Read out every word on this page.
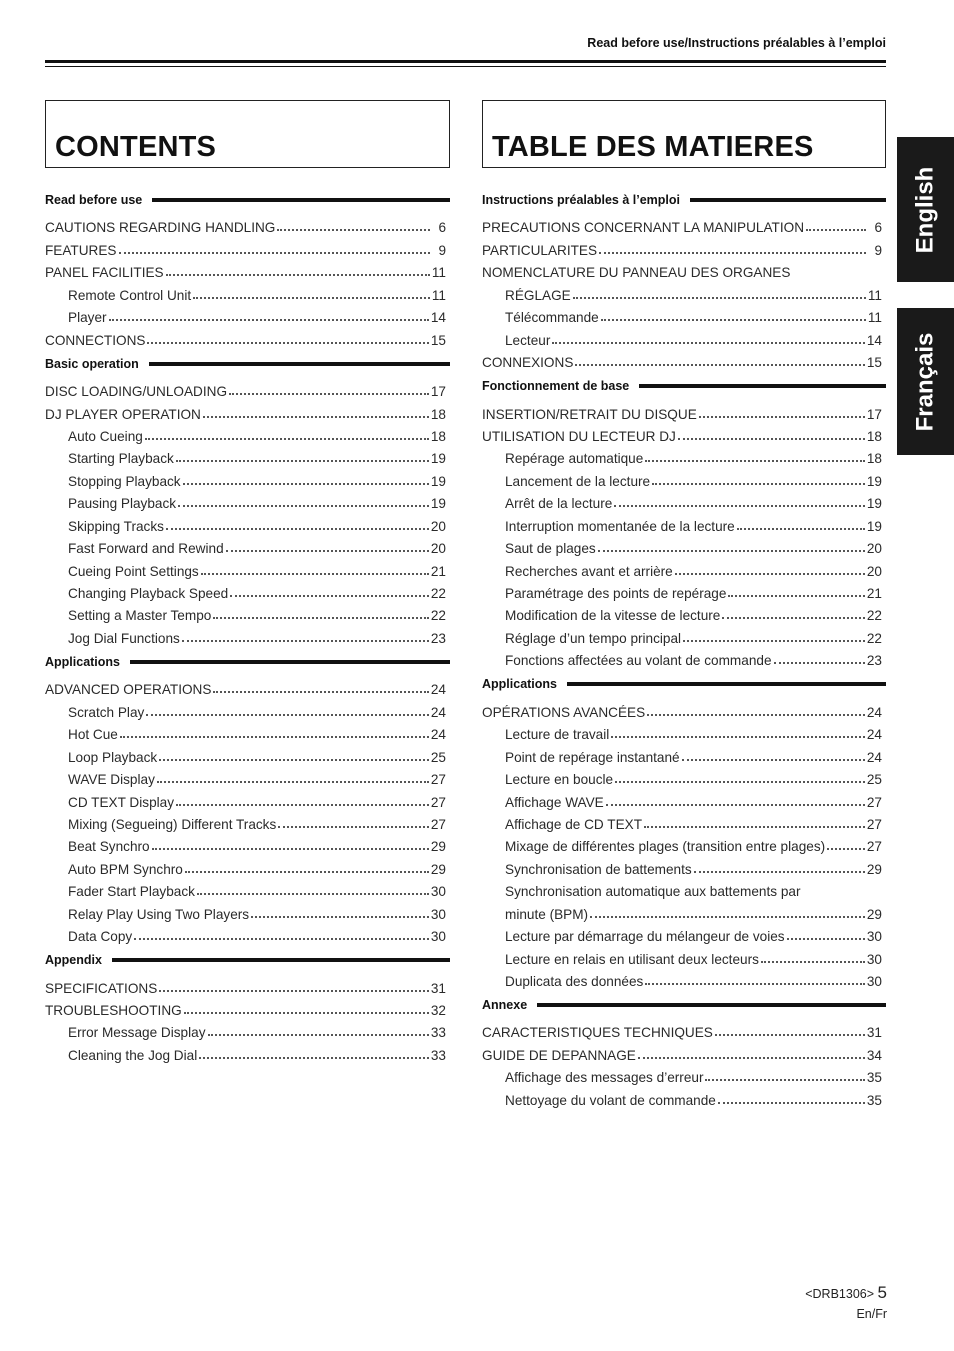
Read before use/Instructions préalables à l’emploi
CONTENTS
Read before use
CAUTIONS REGARDING HANDLING	6
FEATURES	9
PANEL FACILITIES	11
Remote Control Unit	11
Player	14
CONNECTIONS	15
Basic operation
DISC LOADING/UNLOADING	17
DJ PLAYER OPERATION	18
Auto Cueing	18
Starting Playback	19
Stopping Playback	19
Pausing Playback	19
Skipping Tracks	20
Fast Forward and Rewind	20
Cueing Point Settings	21
Changing Playback Speed	22
Setting a Master Tempo	22
Jog Dial Functions	23
Applications
ADVANCED OPERATIONS	24
Scratch Play	24
Hot Cue	24
Loop Playback	25
WAVE Display	27
CD TEXT Display	27
Mixing (Segueing) Different Tracks	27
Beat Synchro	29
Auto BPM Synchro	29
Fader Start Playback	30
Relay Play Using Two Players	30
Data Copy	30
Appendix
SPECIFICATIONS	31
TROUBLESHOOTING	32
Error Message Display	33
Cleaning the Jog Dial	33
TABLE DES MATIERES
Instructions préalables à l’emploi
PRECAUTIONS CONCERNANT LA MANIPULATION	6
PARTICULARITES	9
NOMENCLATURE DU PANNEAU DES ORGANES
RÉGLAGE	11
Télécommande	11
Lecteur	14
CONNEXIONS	15
Fonctionnement de base
INSERTION/RETRAIT DU DISQUE	17
UTILISATION DU LECTEUR DJ	18
Repérage automatique	18
Lancement de la lecture	19
Arrêt de la lecture	19
Interruption momentanée de la lecture	19
Saut de plages	20
Recherches avant et arrière	20
Paramétrage des points de repérage	21
Modification de la vitesse de lecture	22
Réglage d’un tempo principal	22
Fonctions affectées au volant de commande	23
Applications
OPÉRATIONS AVANCÉES	24
Lecture de travail	24
Point de repérage instantané	24
Lecture en boucle	25
Affichage WAVE	27
Affichage de CD TEXT	27
Mixage de différentes plages (transition entre plages)	27
Synchronisation de battements	29
Synchronisation automatique aux battements par
minute (BPM)	29
Lecture par démarrage du mélangeur de voies	30
Lecture en relais en utilisant deux lecteurs	30
Duplicata des données	30
Annexe
CARACTERISTIQUES TECHNIQUES	31
GUIDE DE DEPANNAGE	34
Affichage des messages d’erreur	35
Nettoyage du volant de commande	35
English
Français
<DRB1306> 5
En/Fr
